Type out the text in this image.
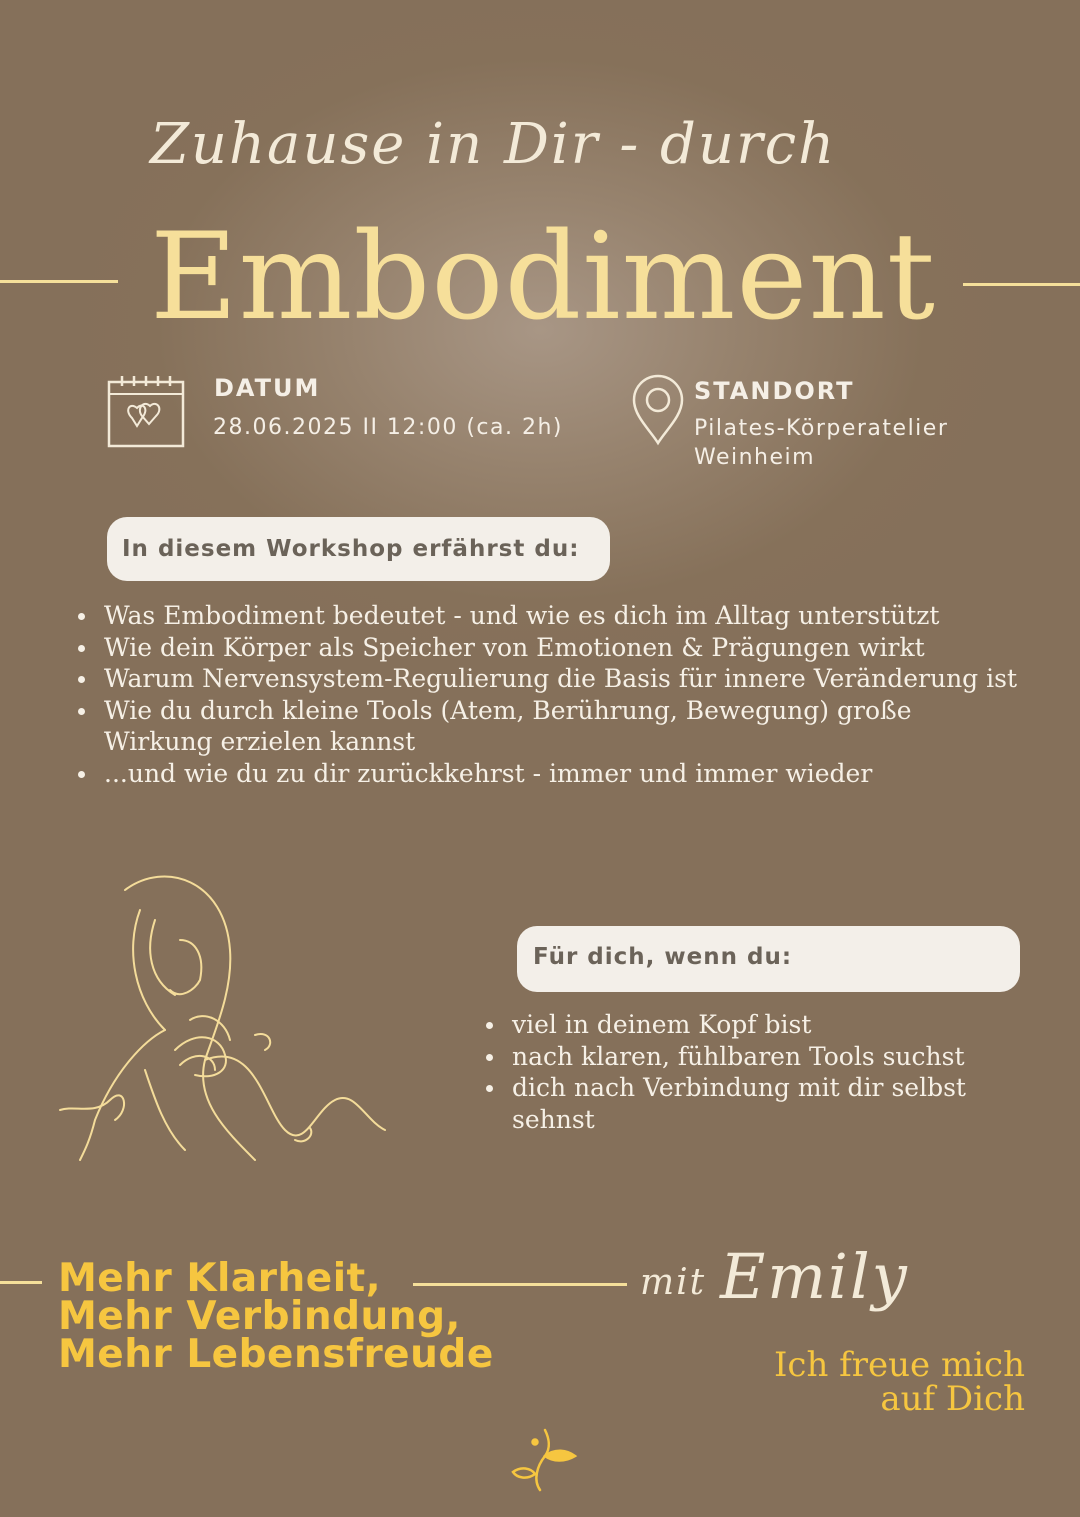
Zuhause in Dir - durch
Embodiment
DATUM
28.06.2025 II 12:00 (ca. 2h)
STANDORT
Pilates-Körperatelier
Weinheim
In diesem Workshop erfährst du:
Was Embodiment bedeutet - und wie es dich im Alltag unterstützt
Wie dein Körper als Speicher von Emotionen & Prägungen wirkt
Warum Nervensystem-Regulierung die Basis für innere Veränderung ist
Wie du durch kleine Tools (Atem, Berührung, Bewegung) große Wirkung erzielen kannst
...und wie du zu dir zurückkehrst - immer und immer wieder
Für dich, wenn du:
viel in deinem Kopf bist
nach klaren, fühlbaren Tools suchst
dich nach Verbindung mit dir selbst sehnst
Mehr Klarheit,
Mehr Verbindung,
Mehr Lebensfreude
mit Emily
Ich freue mich
auf Dich
